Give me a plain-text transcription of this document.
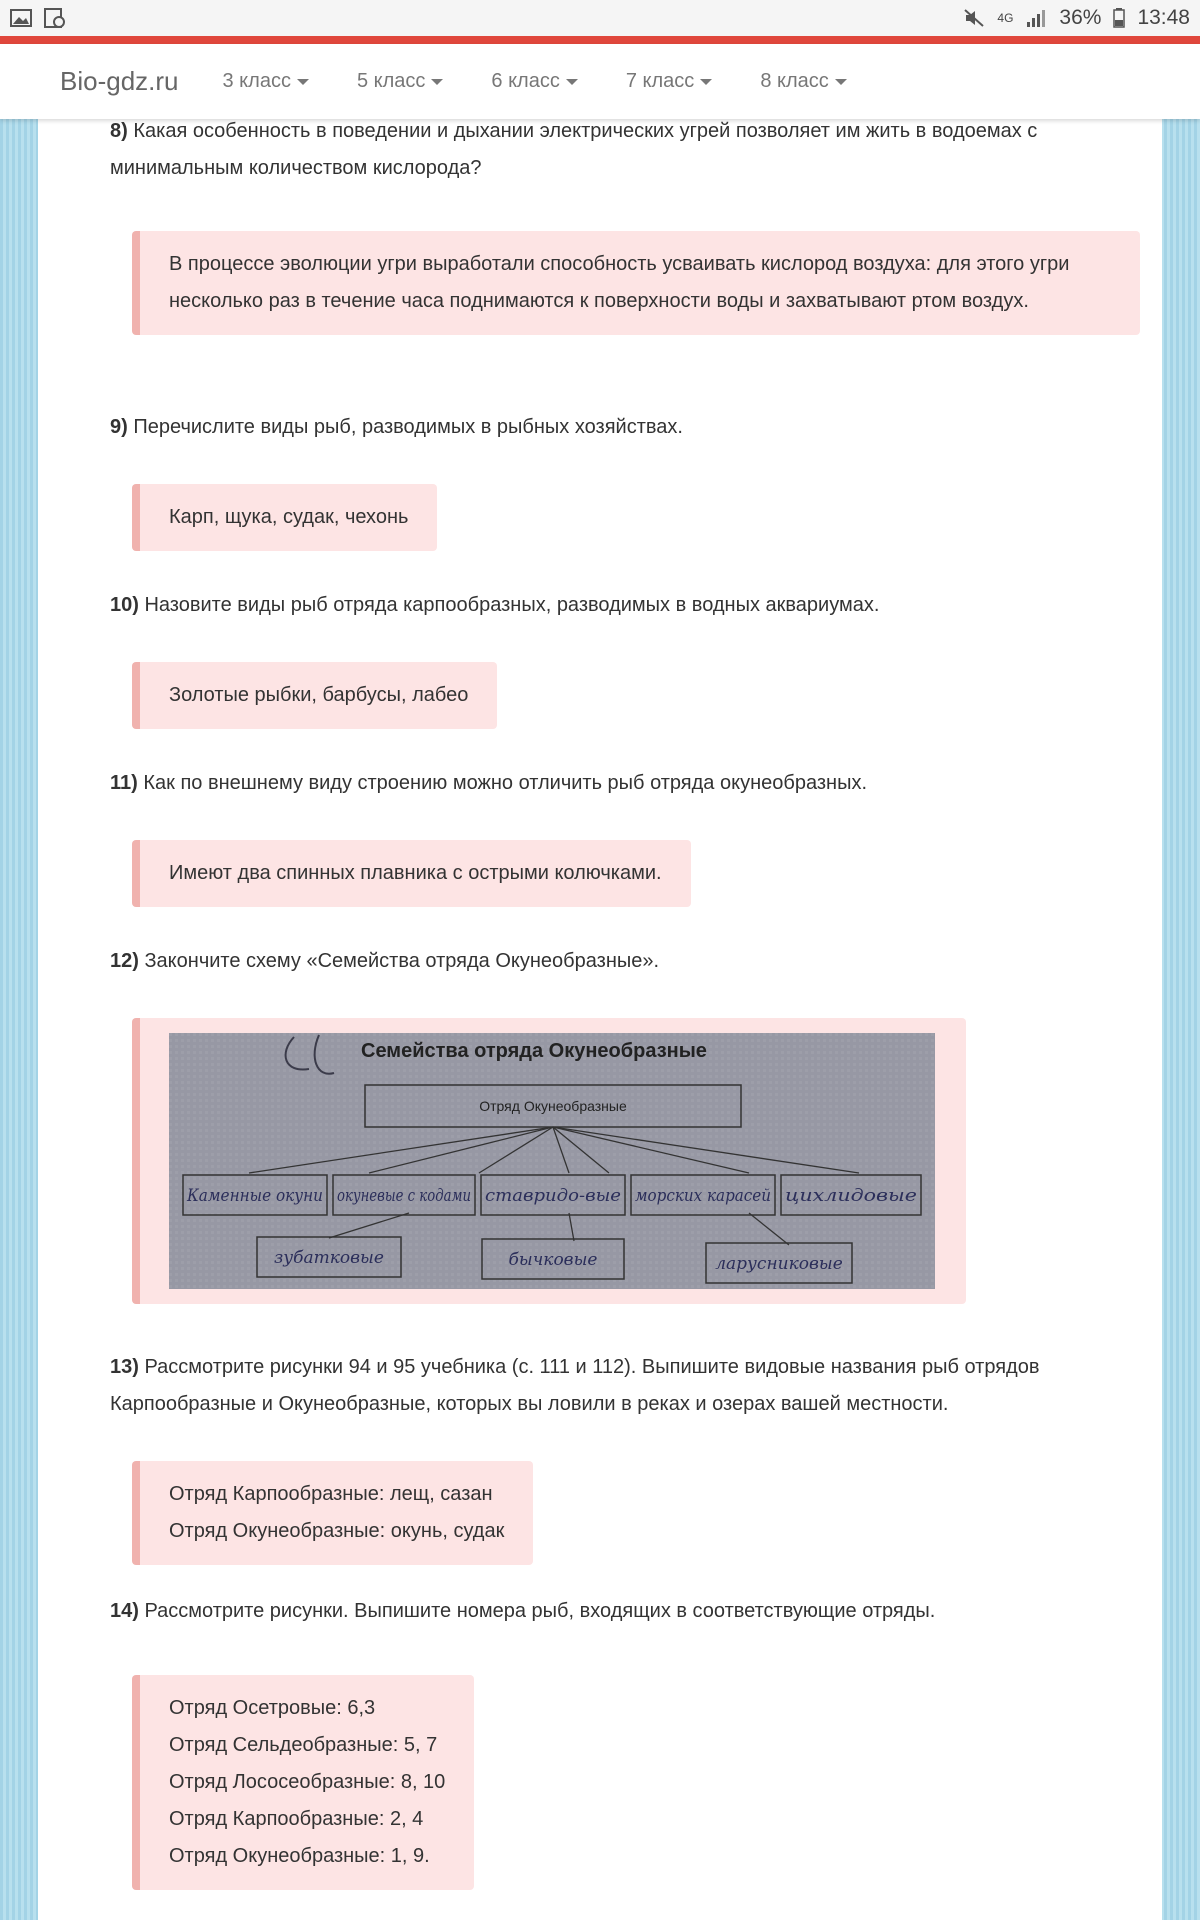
4G 36% 13:48
Bio-gdz.ru 3 класс	5 класс	6 класс	7 класс	8 класс
8) Какая особенность в поведении и дыхании электрических угрей позволяет им жить в водоемах с минимальным количеством кислорода?
В процессе эволюции угри выработали способность усваивать кислород воздуха: для этого угри несколько раз в течение часа поднимаются к поверхности воды и захватывают ртом воздух.
9) Перечислите виды рыб, разводимых в рыбных хозяйствах.
Карп, щука, судак, чехонь
10) Назовите виды рыб отряда карпообразных, разводимых в водных аквариумах.
Золотые рыбки, барбусы, лабео
11) Как по внешнему виду строению можно отличить рыб отряда окунеобразных.
Имеют два спинных плавника с острыми колючками.
12) Закончите схему «Семейства отряда Окунеобразные».
Семейства отряда Окунеобразные
Отряд Окунеобразные
Каменные окуни окуневые с кодами ставридо-вые морских карасей цихлидовые
зубатковые	бычковые	ларусниковые
13) Рассмотрите рисунки 94 и 95 учебника (с. 111 и 112). Выпишите видовые названия рыб отрядов Карпообразные и Окунеобразные, которых вы ловили в реках и озерах вашей местности.
Отряд Карпообразные: лещ, сазан
Отряд Окунеобразные: окунь, судак
14) Рассмотрите рисунки. Выпишите номера рыб, входящих в соответствующие отряды.
Отряд Осетровые: 6,3
Отряд Сельдеобразные: 5, 7
Отряд Лососеобразные: 8, 10
Отряд Карпообразные: 2, 4
Отряд Окунеобразные: 1, 9.
